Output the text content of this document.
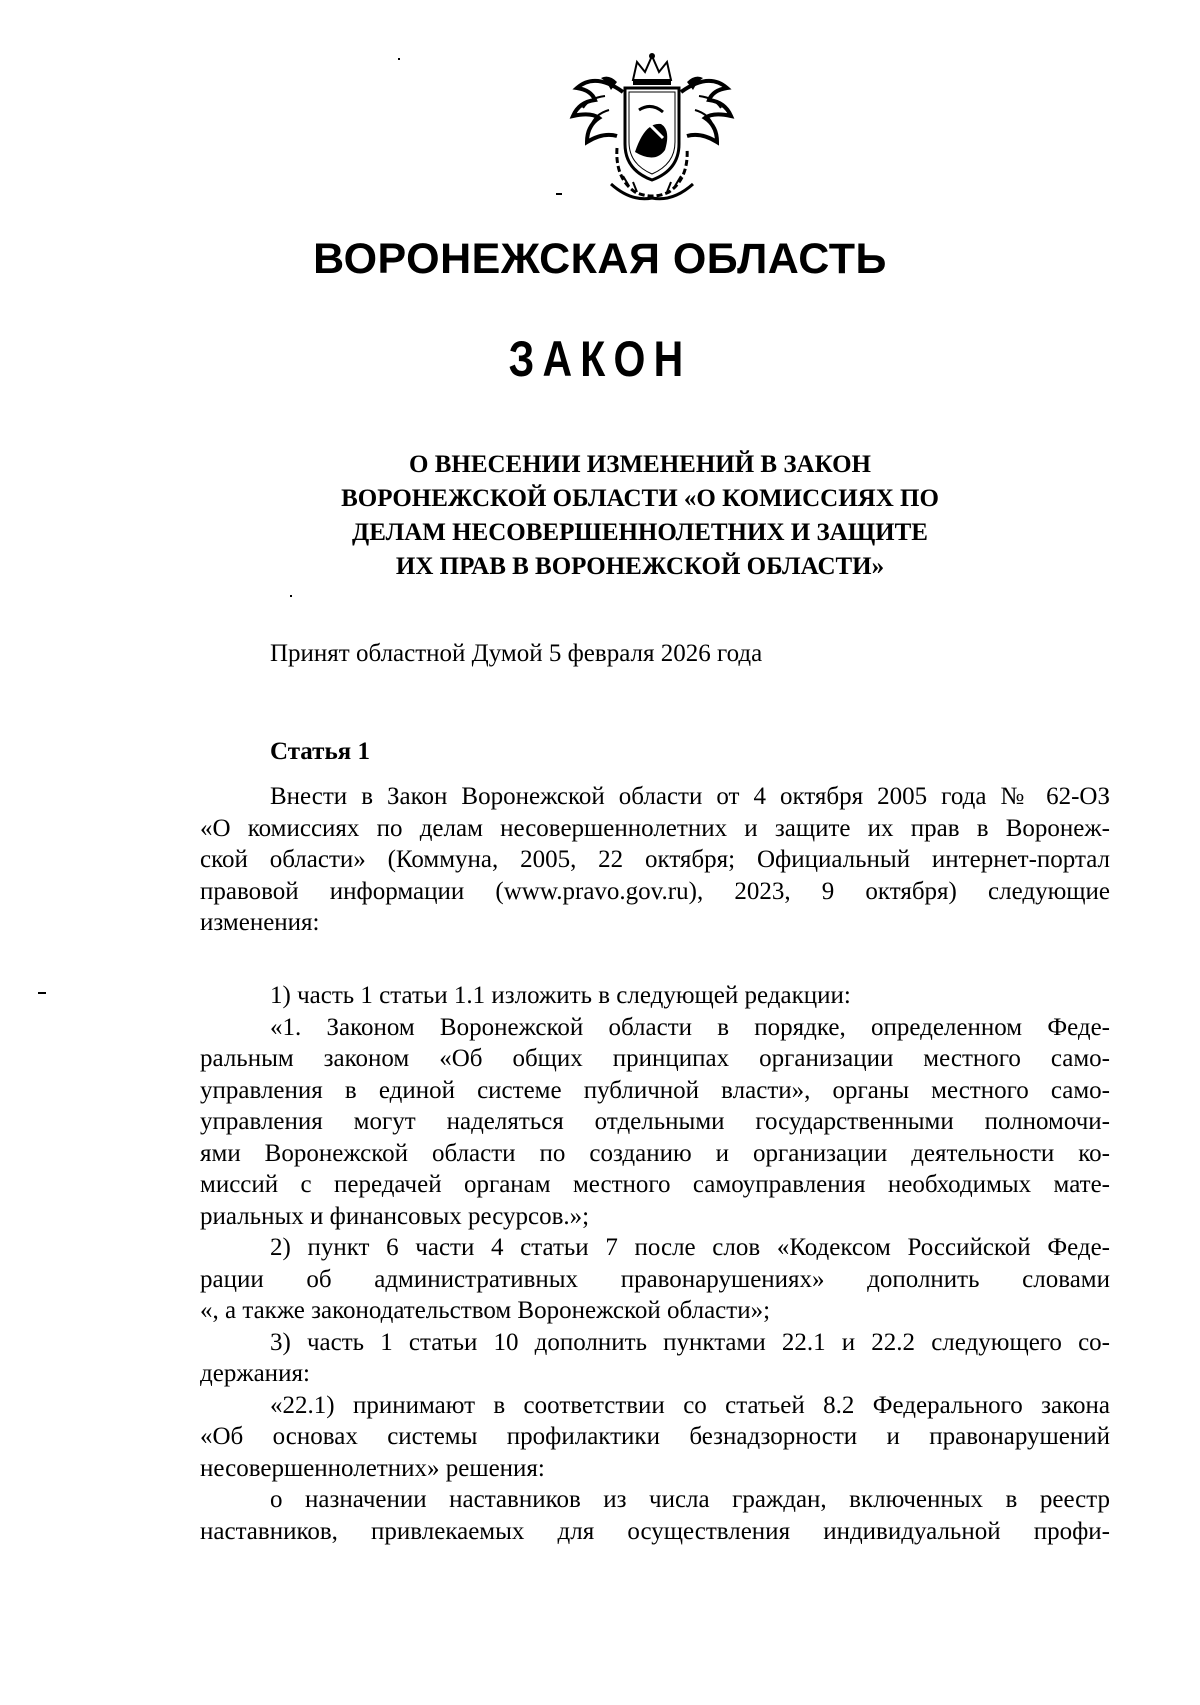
ВОРОНЕЖСКАЯ ОБЛАСТЬ
ЗАКОН
О ВНЕСЕНИИ ИЗМЕНЕНИЙ В ЗАКОН
ВОРОНЕЖСКОЙ ОБЛАСТИ «О КОМИССИЯХ ПО
ДЕЛАМ НЕСОВЕРШЕННОЛЕТНИХ И ЗАЩИТЕ
ИХ ПРАВ В ВОРОНЕЖСКОЙ ОБЛАСТИ»
Принят областной Думой 5 февраля 2026 года
Статья 1
Внести в Закон Воронежской области от 4 октября 2005 года № 62-ОЗ
«О комиссиях по делам несовершеннолетних и защите их прав в Воронеж-
ской области» (Коммуна, 2005, 22 октября; Официальный интернет-портал
правовой информации (www.pravo.gov.ru), 2023, 9 октября) следующие
изменения:
1) часть 1 статьи 1.1 изложить в следующей редакции:
«1. Законом Воронежской области в порядке, определенном Феде-
ральным законом «Об общих принципах организации местного само-
управления в единой системе публичной власти», органы местного само-
управления могут наделяться отдельными государственными полномочи-
ями Воронежской области по созданию и организации деятельности ко-
миссий с передачей органам местного самоуправления необходимых мате-
риальных и финансовых ресурсов.»;
2) пункт 6 части 4 статьи 7 после слов «Кодексом Российской Феде-
рации об административных правонарушениях» дополнить словами
«, а также законодательством Воронежской области»;
3) часть 1 статьи 10 дополнить пунктами 22.1 и 22.2 следующего со-
держания:
«22.1) принимают в соответствии со статьей 8.2 Федерального закона
«Об основах системы профилактики безнадзорности и правонарушений
несовершеннолетних» решения:
о назначении наставников из числа граждан, включенных в реестр
наставников, привлекаемых для осуществления индивидуальной профи-
